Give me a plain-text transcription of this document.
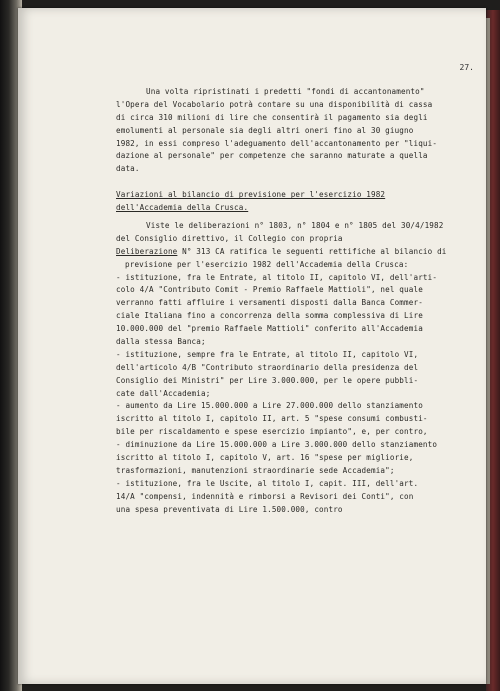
27.
Una volta ripristinati i predetti "fondi di accantonamento"
l'Opera del Vocabolario potrà contare su una disponibilità di cassa
di circa 310 milioni di lire che consentirà il pagamento sia degli
emolumenti al personale sia degli altri oneri fino al 30 giugno
1982, in essi compreso l'adeguamento dell'accantonamento per "liqui-
dazione al personale" per competenze che saranno maturate a quella
data.
Variazioni al bilancio di previsione per l'esercizio 1982
dell'Accademia della Crusca.
Viste le deliberazioni n° 1803, n° 1804 e n° 1805 del 30/4/1982
del Consiglio direttivo, il Collegio con propria
Deliberazione N° 313 CA ratifica le seguenti rettifiche al bilancio di
previsione per l'esercizio 1982 dell'Accademia della Crusca:
- istituzione, fra le Entrate, al titolo II, capitolo VI, dell'arti-
colo 4/A "Contributo Comit - Premio Raffaele Mattioli", nel quale
verranno fatti affluire i versamenti disposti dalla Banca Commer-
ciale Italiana fino a concorrenza della somma complessiva di Lire
10.000.000 del "premio Raffaele Mattioli" conferito all'Accademia
dalla stessa Banca;
- istituzione, sempre fra le Entrate, al titolo II, capitolo VI,
dell'articolo 4/B "Contributo straordinario della presidenza del
Consiglio dei Ministri" per Lire 3.000.000, per le opere pubbli-
cate dall'Accademia;
- aumento da Lire 15.000.000 a Lire 27.000.000 dello stanziamento
iscritto al titolo I, capitolo II, art. 5 "spese consumi combusti-
bile per riscaldamento e spese esercizio impianto", e, per contro,
- diminuzione da Lire 15.000.000 a Lire 3.000.000 dello stanziamento
iscritto al titolo I, capitolo V, art. 16 "spese per migliorie,
trasformazioni, manutenzioni straordinarie sede Accademia";
- istituzione, fra le Uscite, al titolo I, capit. III, dell'art.
14/A "compensi, indennità e rimborsi a Revisori dei Conti", con
una spesa preventivata di Lire 1.500.000, contro
